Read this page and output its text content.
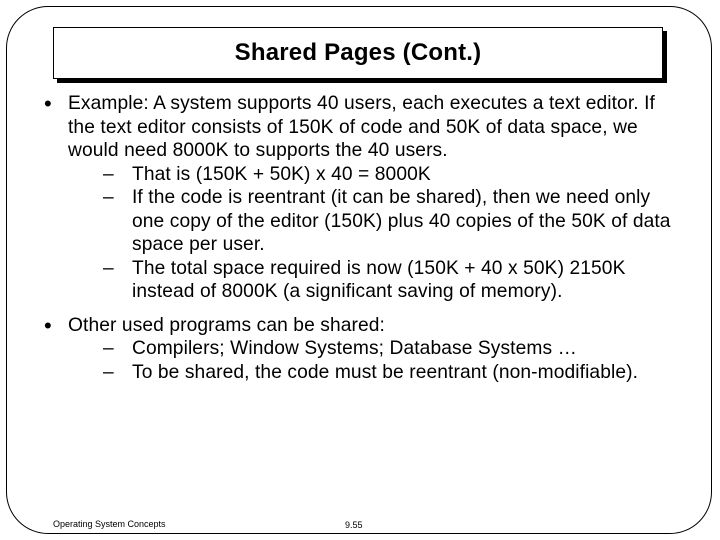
Shared Pages (Cont.)
• Example: A system supports 40 users, each executes a text editor. If the text editor consists of 150K of code and 50K of data space, we would need 8000K to supports the 40 users.
– That is (150K + 50K) x 40 = 8000K
– If the code is reentrant (it can be shared), then we need only one copy of the editor (150K) plus 40 copies of the 50K of data space per user.
– The total space required is now (150K + 40 x 50K) 2150K instead of 8000K (a significant saving of memory).
• Other used programs can be shared:
– Compilers; Window Systems; Database Systems …
– To be shared, the code must be reentrant (non-modifiable).
Operating System Concepts	9.55
